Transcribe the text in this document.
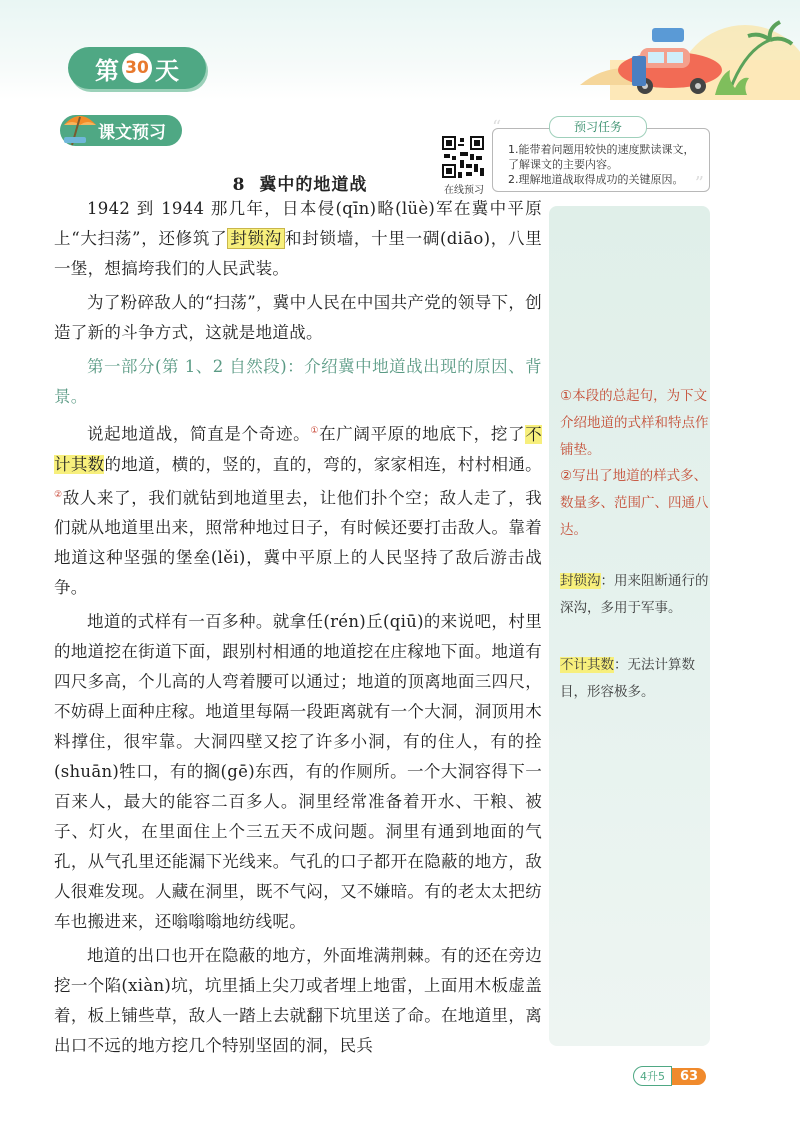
第 30 天
课文预习
在线预习
“
”
预习任务
1.能带着问题用较快的速度默读课文，了解课文的主要内容。
2.理解地道战取得成功的关键原因。
8 冀中的地道战

1942 到 1944 那几年，日本侵(qīn)略(lüè)军在冀中平原上“大扫荡”，还修筑了 封锁沟 和封锁墙，十里一碉(diāo)，八里一堡，想搞垮我们的人民武装。

为了粉碎敌人的“扫荡”，冀中人民在中国共产党的领导下，创造了新的斗争方式，这就是地道战。

第一部分(第 1、2 自然段)：介绍冀中地道战出现的原因、背景。

说起地道战，简直是个奇迹。①在广阔平原的地底下，挖了不计其数的地道，横的，竖的，直的，弯的，家家相连，村村相通。②敌人来了，我们就钻到地道里去，让他们扑个空；敌人走了，我们就从地道里出来，照常种地过日子，有时候还要打击敌人。靠着地道这种坚强的堡垒(lěi)，冀中平原上的人民坚持了敌后游击战争。

地道的式样有一百多种。就拿任(rén)丘(qiū)的来说吧，村里的地道挖在街道下面，跟别村相通的地道挖在庄稼地下面。地道有四尺多高，个儿高的人弯着腰可以通过；地道的顶离地面三四尺，不妨碍上面种庄稼。地道里每隔一段距离就有一个大洞，洞顶用木料撑住，很牢靠。大洞四壁又挖了许多小洞，有的住人，有的拴(shuān)牲口，有的搁(gē)东西，有的作厕所。一个大洞容得下一百来人，最大的能容二百多人。洞里经常准备着开水、干粮、被子、灯火，在里面住上个三五天不成问题。洞里有通到地面的气孔，从气孔里还能漏下光线来。气孔的口子都开在隐蔽的地方，敌人很难发现。人藏在洞里，既不气闷，又不嫌暗。有的老太太把纺车也搬进来，还嗡嗡嗡地纺线呢。

地道的出口也开在隐蔽的地方，外面堆满荆棘。有的还在旁边挖一个陷(xiàn)坑，坑里插上尖刀或者埋上地雷，上面用木板虚盖着，板上铺些草，敌人一踏上去就翻下坑里送了命。在地道里，离出口不远的地方挖几个特别坚固的洞，民兵

①本段的总起句，为下文介绍地道的式样和特点作铺垫。
②写出了地道的样式多、数量多、范围广、四通八达。
封锁沟：用来阻断通行的深沟，多用于军事。
不计其数：无法计算数目，形容极多。
4升5	63
